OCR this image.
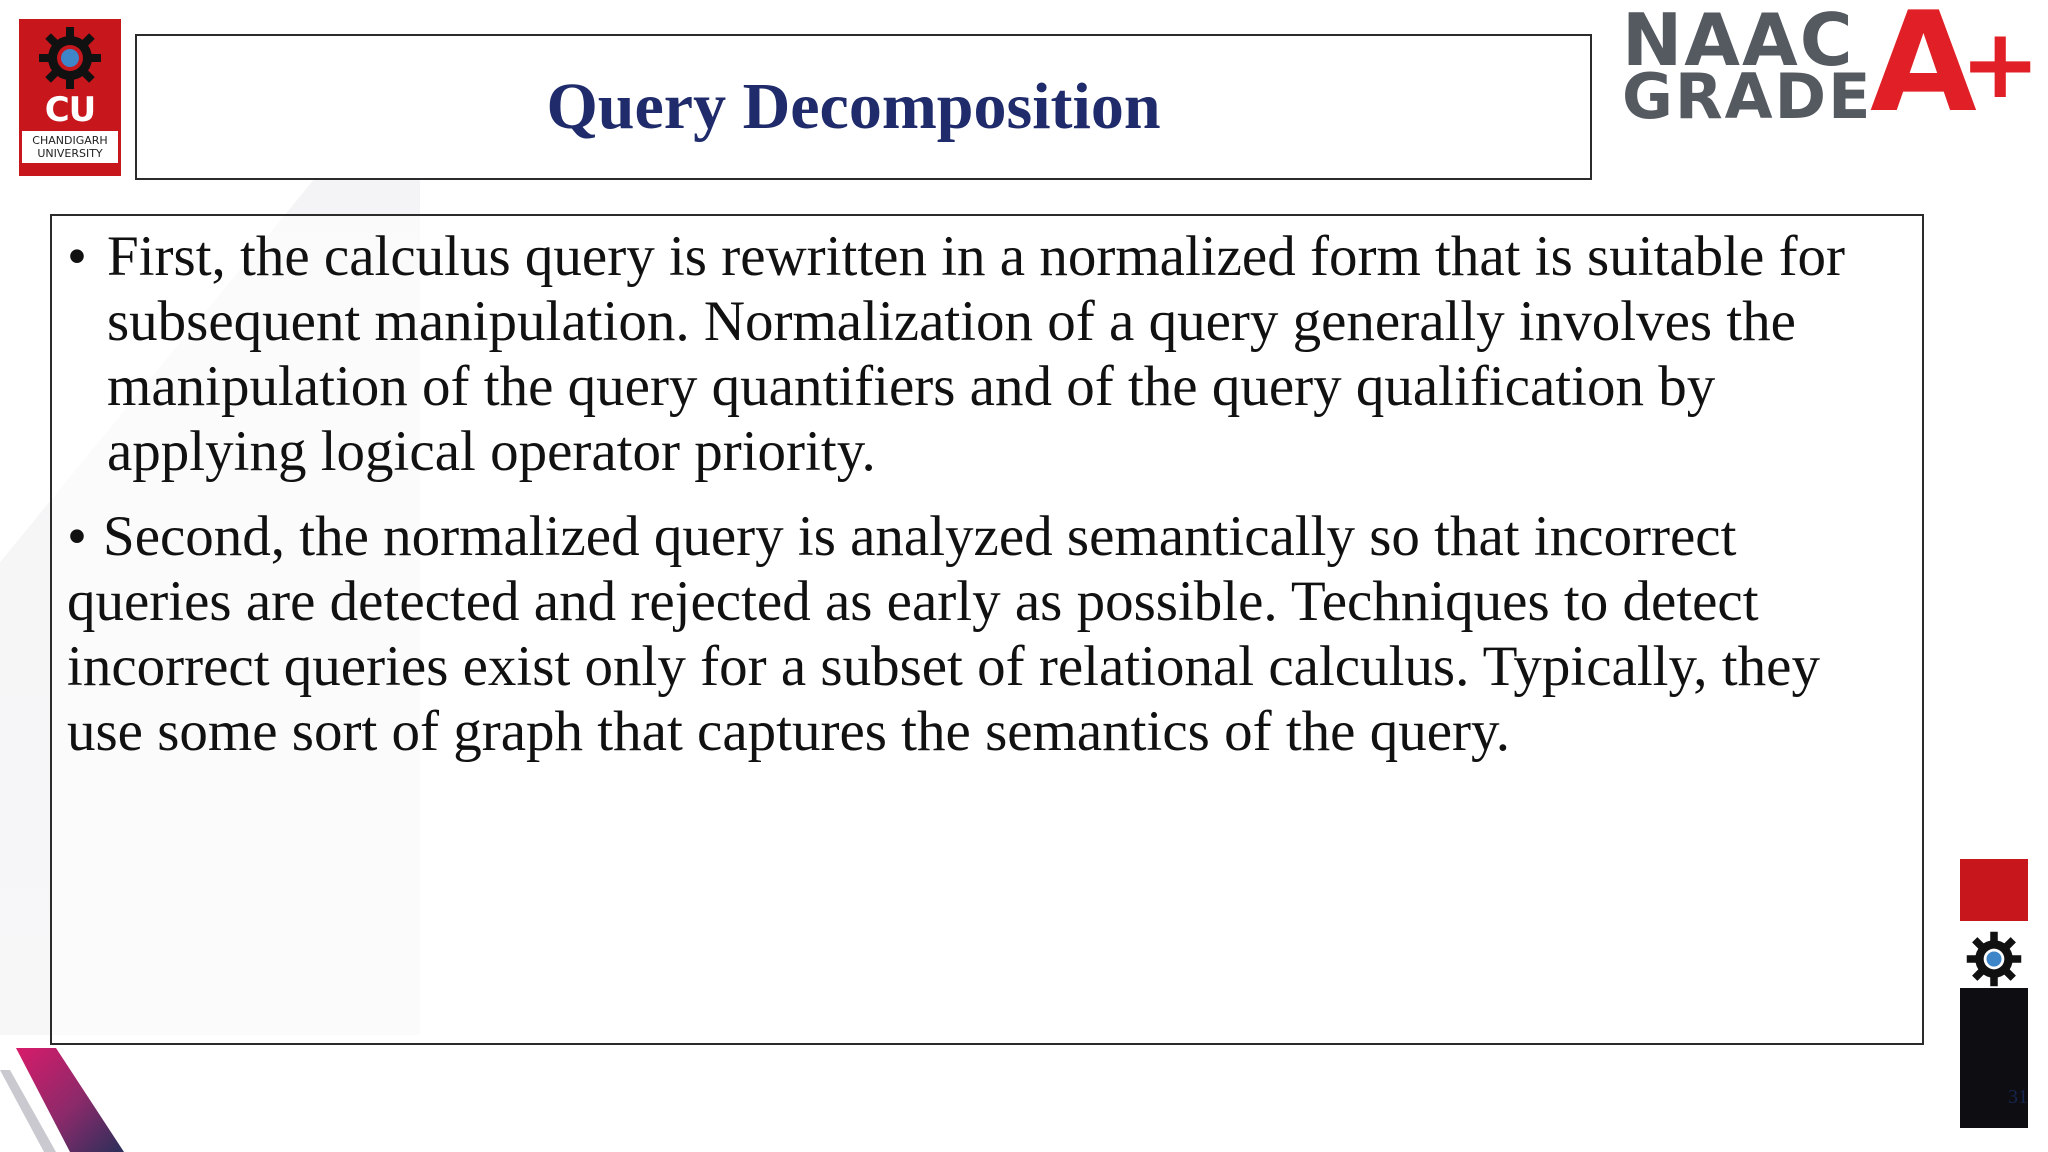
CU
CHANDIGARH
UNIVERSITY
Query Decomposition
NAAC
GRADE
A
+

• First, the calculus query is rewritten in a normalized form that is suitable for subsequent manipulation. Normalization of a query generally involves the manipulation of the query quantifiers and of the query qualification by applying logical operator priority.

• Second, the normalized query is analyzed semantically so that incorrect queries are detected and rejected as early as possible. Techniques to detect incorrect queries exist only for a subset of relational calculus. Typically, they use some sort of graph that captures the semantics of the query.

31
